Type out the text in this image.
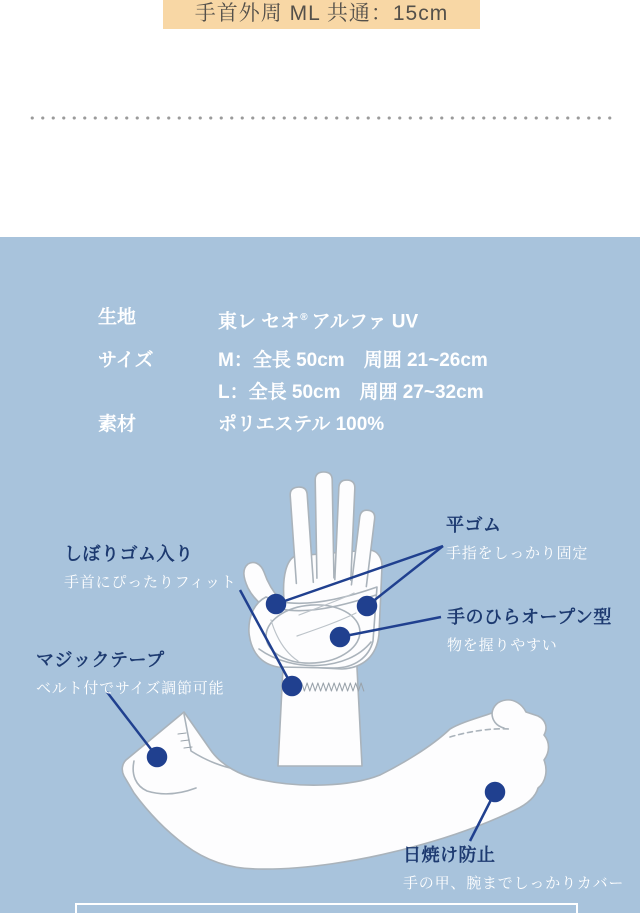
手首外周 ML 共通：15cm
生地	東レ セオ® アルファ UV
サイズ	M：全長 50cm　周囲 21~26cm
L：全長 50cm　周囲 27~32cm
素材	ポリエステル 100%
平ゴム
手指をしっかり固定
しぼりゴム入り
手首にぴったりフィット
手のひらオープン型
物を握りやすい
マジックテープ
ベルト付でサイズ調節可能
日焼け防止
手の甲、腕までしっかりカバー
